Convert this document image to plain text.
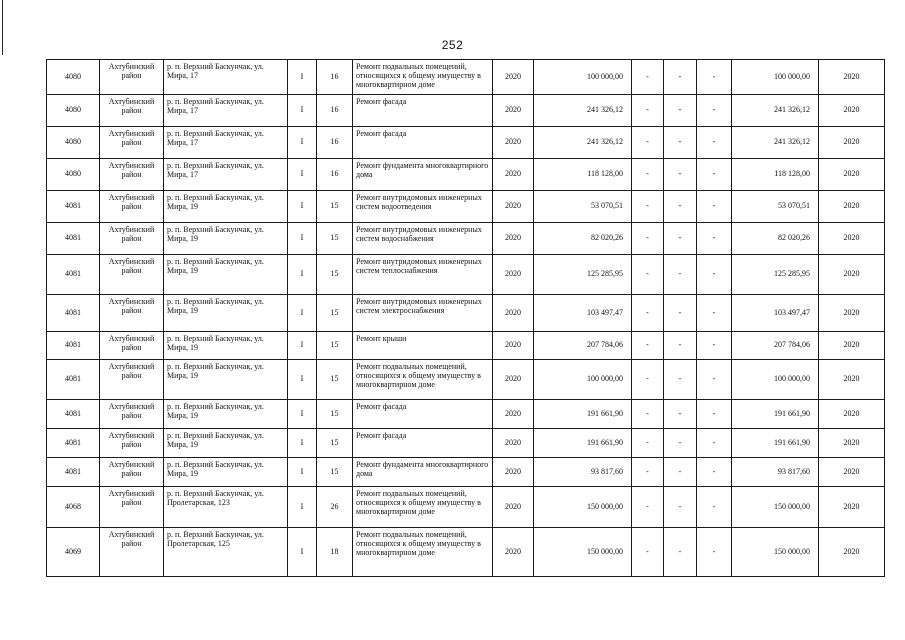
252
4080	Ахтубинский район	р. п. Верхний Баскунчак, ул. Мира, 17	I	16	Ремонт подвальных помещений, относящихся к общему имуществу в многоквартирном доме	2020	100 000,00	-	-	-	100 000,00	2020
4080	Ахтубинский район	р. п. Верхний Баскунчак, ул. Мира, 17	I	16	Ремонт фасада	2020	241 326,12	-	-	-	241 326,12	2020
4080	Ахтубинский район	р. п. Верхний Баскунчак, ул. Мира, 17	I	16	Ремонт фасада	2020	241 326,12	-	-	-	241 326,12	2020
4080	Ахтубинский район	р. п. Верхний Баскунчак, ул. Мира, 17	I	16	Ремонт фундамента многоквартирного дома	2020	118 128,00	-	-	-	118 128,00	2020
4081	Ахтубинский район	р. п. Верхний Баскунчак, ул. Мира, 19	I	15	Ремонт внутридомовых инженерных систем водоотведения	2020	53 070,51	-	-	-	53 070,51	2020
4081	Ахтубинский район	р. п. Верхний Баскунчак, ул. Мира, 19	I	15	Ремонт внутридомовых инженерных систем водоснабжения	2020	82 020,26	-	-	-	82 020,26	2020
4081	Ахтубинский район	р. п. Верхний Баскунчак, ул. Мира, 19	I	15	Ремонт внутридомовых инженерных систем теплоснабжения	2020	125 285,95	-	-	-	125 285,95	2020
4081	Ахтубинский район	р. п. Верхний Баскунчак, ул. Мира, 19	I	15	Ремонт внутридомовых инженерных систем электроснабжения	2020	103 497,47	-	-	-	103 497,47	2020
4081	Ахтубинский район	р. п. Верхний Баскунчак, ул. Мира, 19	I	15	Ремонт крыши	2020	207 784,06	-	-	-	207 784,06	2020
4081	Ахтубинский район	р. п. Верхний Баскунчак, ул. Мира, 19	I	15	Ремонт подвальных помещений, относящихся к общему имуществу в многоквартирном доме	2020	100 000,00	-	-	-	100 000,00	2020
4081	Ахтубинский район	р. п. Верхний Баскунчак, ул. Мира, 19	I	15	Ремонт фасада	2020	191 661,90	-	-	-	191 661,90	2020
4081	Ахтубинский район	р. п. Верхний Баскунчак, ул. Мира, 19	I	15	Ремонт фасада	2020	191 661,90	-	-	-	191 661,90	2020
4081	Ахтубинский район	р. п. Верхний Баскунчак, ул. Мира, 19	I	15	Ремонт фундамента многоквартирного дома	2020	93 817,60	-	-	-	93 817,60	2020
4068	Ахтубинский район	р. п. Верхний Баскунчак, ул. Пролетарская, 123	I	26	Ремонт подвальных помещений, относящихся к общему имуществу в многоквартирном доме	2020	150 000,00	-	-	-	150 000,00	2020
4069	Ахтубинский район	р. п. Верхний Баскунчак, ул. Пролетарская, 125	I	18	Ремонт подвальных помещений, относящихся к общему имуществу в многоквартирном доме	2020	150 000,00	-	-	-	150 000,00	2020
